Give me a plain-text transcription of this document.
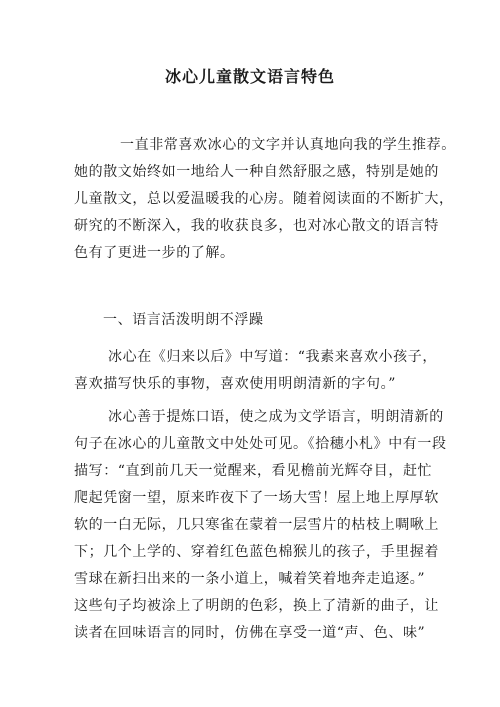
冰心儿童散文语言特色
一直非常喜欢冰心的文字并认真地向我的学生推荐。
她的散文始终如一地给人一种自然舒服之感，特别是她的
儿童散文，总以爱温暖我的心房。随着阅读面的不断扩大，
研究的不断深入，我的收获良多，也对冰心散文的语言特
色有了更进一步的了解。
一、语言活泼明朗不浮躁
冰心在《归来以后》中写道：“我素来喜欢小孩子，
喜欢描写快乐的事物，喜欢使用明朗清新的字句。”
冰心善于提炼口语，使之成为文学语言，明朗清新的
句子在冰心的儿童散文中处处可见。《拾穗小札》中有一段
描写：“直到前几天一觉醒来，看见檐前光辉夺目，赶忙
爬起凭窗一望，原来昨夜下了一场大雪！屋上地上厚厚软
软的一白无际，几只寒雀在蒙着一层雪片的枯枝上啁啾上
下；几个上学的、穿着红色蓝色棉猴儿的孩子，手里握着
雪球在新扫出来的一条小道上，喊着笑着地奔走追逐。”
这些句子均被涂上了明朗的色彩，换上了清新的曲子，让
读者在回味语言的同时，仿佛在享受一道“声、色、味”
